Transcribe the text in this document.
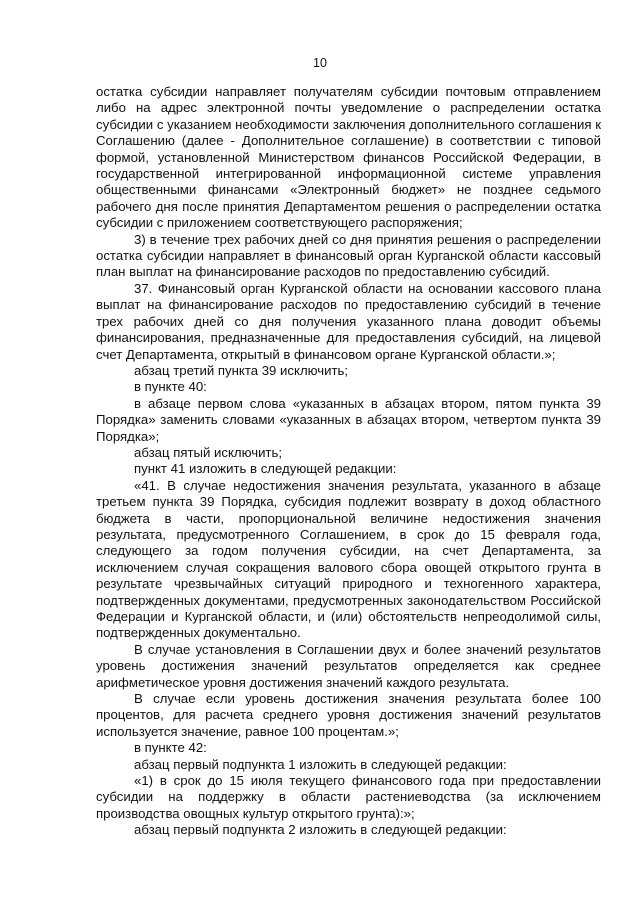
10

остатка субсидии направляет получателям субсидии почтовым отправлением либо на адрес электронной почты уведомление о распределении остатка субсидии с указанием необходимости заключения дополнительного соглашения к Соглашению (далее - Дополнительное соглашение) в соответствии с типовой формой, установленной Министерством финансов Российской Федерации, в государственной интегрированной информационной системе управления общественными финансами «Электронный бюджет» не позднее седьмого рабочего дня после принятия Департаментом решения о распределении остатка субсидии с приложением соответствующего распоряжения;

3) в течение трех рабочих дней со дня принятия решения о распределении остатка субсидии направляет в финансовый орган Курганской области кассовый план выплат на финансирование расходов по предоставлению субсидий.

37. Финансовый орган Курганской области на основании кассового плана выплат на финансирование расходов по предоставлению субсидий в течение трех рабочих дней со дня получения указанного плана доводит объемы финансирования, предназначенные для предоставления субсидий, на лицевой счет Департамента, открытый в финансовом органе Курганской области.»;

абзац третий пункта 39 исключить;

в пункте 40:

в абзаце первом слова «указанных в абзацах втором, пятом пункта 39 Порядка» заменить словами «указанных в абзацах втором, четвертом пункта 39 Порядка»;

абзац пятый исключить;

пункт 41 изложить в следующей редакции:

«41. В случае недостижения значения результата, указанного в абзаце третьем пункта 39 Порядка, субсидия подлежит возврату в доход областного бюджета в части, пропорциональной величине недостижения значения результата, предусмотренного Соглашением, в срок до 15 февраля года, следующего за годом получения субсидии, на счет Департамента, за исключением случая сокращения валового сбора овощей открытого грунта в результате чрезвычайных ситуаций природного и техногенного характера, подтвержденных документами, предусмотренных законодательством Российской Федерации и Курганской области, и (или) обстоятельств непреодолимой силы, подтвержденных документально.

В случае установления в Соглашении двух и более значений результатов уровень достижения значений результатов определяется как среднее арифметическое уровня достижения значений каждого результата.

В случае если уровень достижения значения результата более 100 процентов, для расчета среднего уровня достижения значений результатов используется значение, равное 100 процентам.»;

в пункте 42:

абзац первый подпункта 1 изложить в следующей редакции:

«1) в срок до 15 июля текущего финансового года при предоставлении субсидии на поддержку в области растениеводства (за исключением производства овощных культур открытого грунта):»;

абзац первый подпункта 2 изложить в следующей редакции:
